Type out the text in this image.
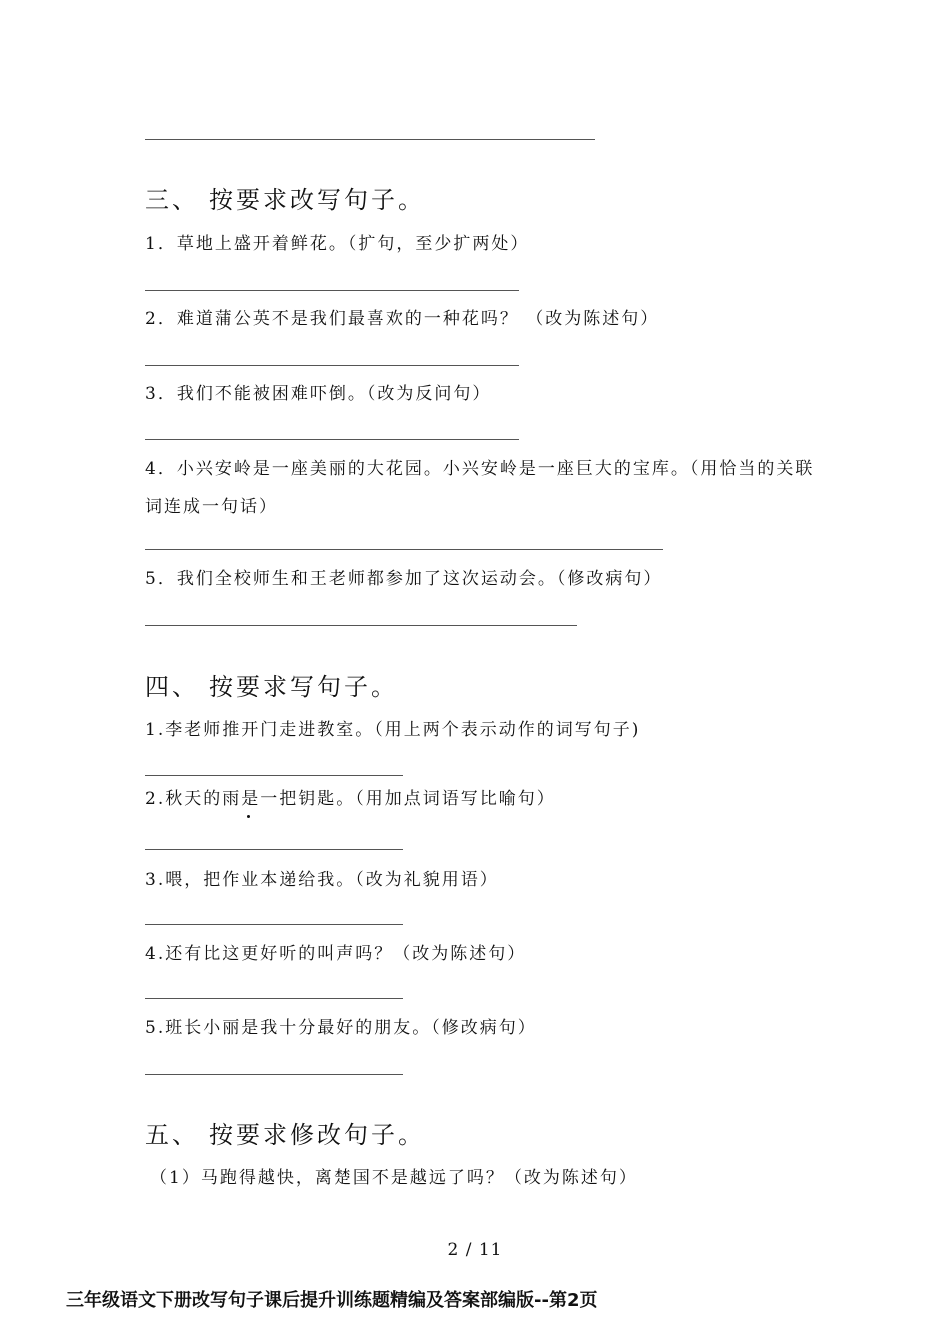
三、 按要求改写句子。
1．草地上盛开着鲜花。（扩句，至少扩两处）
2．难道蒲公英不是我们最喜欢的一种花吗？ （改为陈述句）
3．我们不能被困难吓倒。（改为反问句）
4．小兴安岭是一座美丽的大花园。小兴安岭是一座巨大的宝库。（用恰当的关联词连成一句话）
5．我们全校师生和王老师都参加了这次运动会。（修改病句）
四、 按要求写句子。
1.李老师推开门走进教室。（用上两个表示动作的词写句子)
2.秋天的雨是一把钥匙。（用加点词语写比喻句）
3.喂，把作业本递给我。（改为礼貌用语）
4.还有比这更好听的叫声吗？（改为陈述句）
5.班长小丽是我十分最好的朋友。（修改病句）
五、 按要求修改句子。
（1）马跑得越快，离楚国不是越远了吗？（改为陈述句）
2 / 11
三年级语文下册改写句子课后提升训练题精编及答案部编版--第2页
